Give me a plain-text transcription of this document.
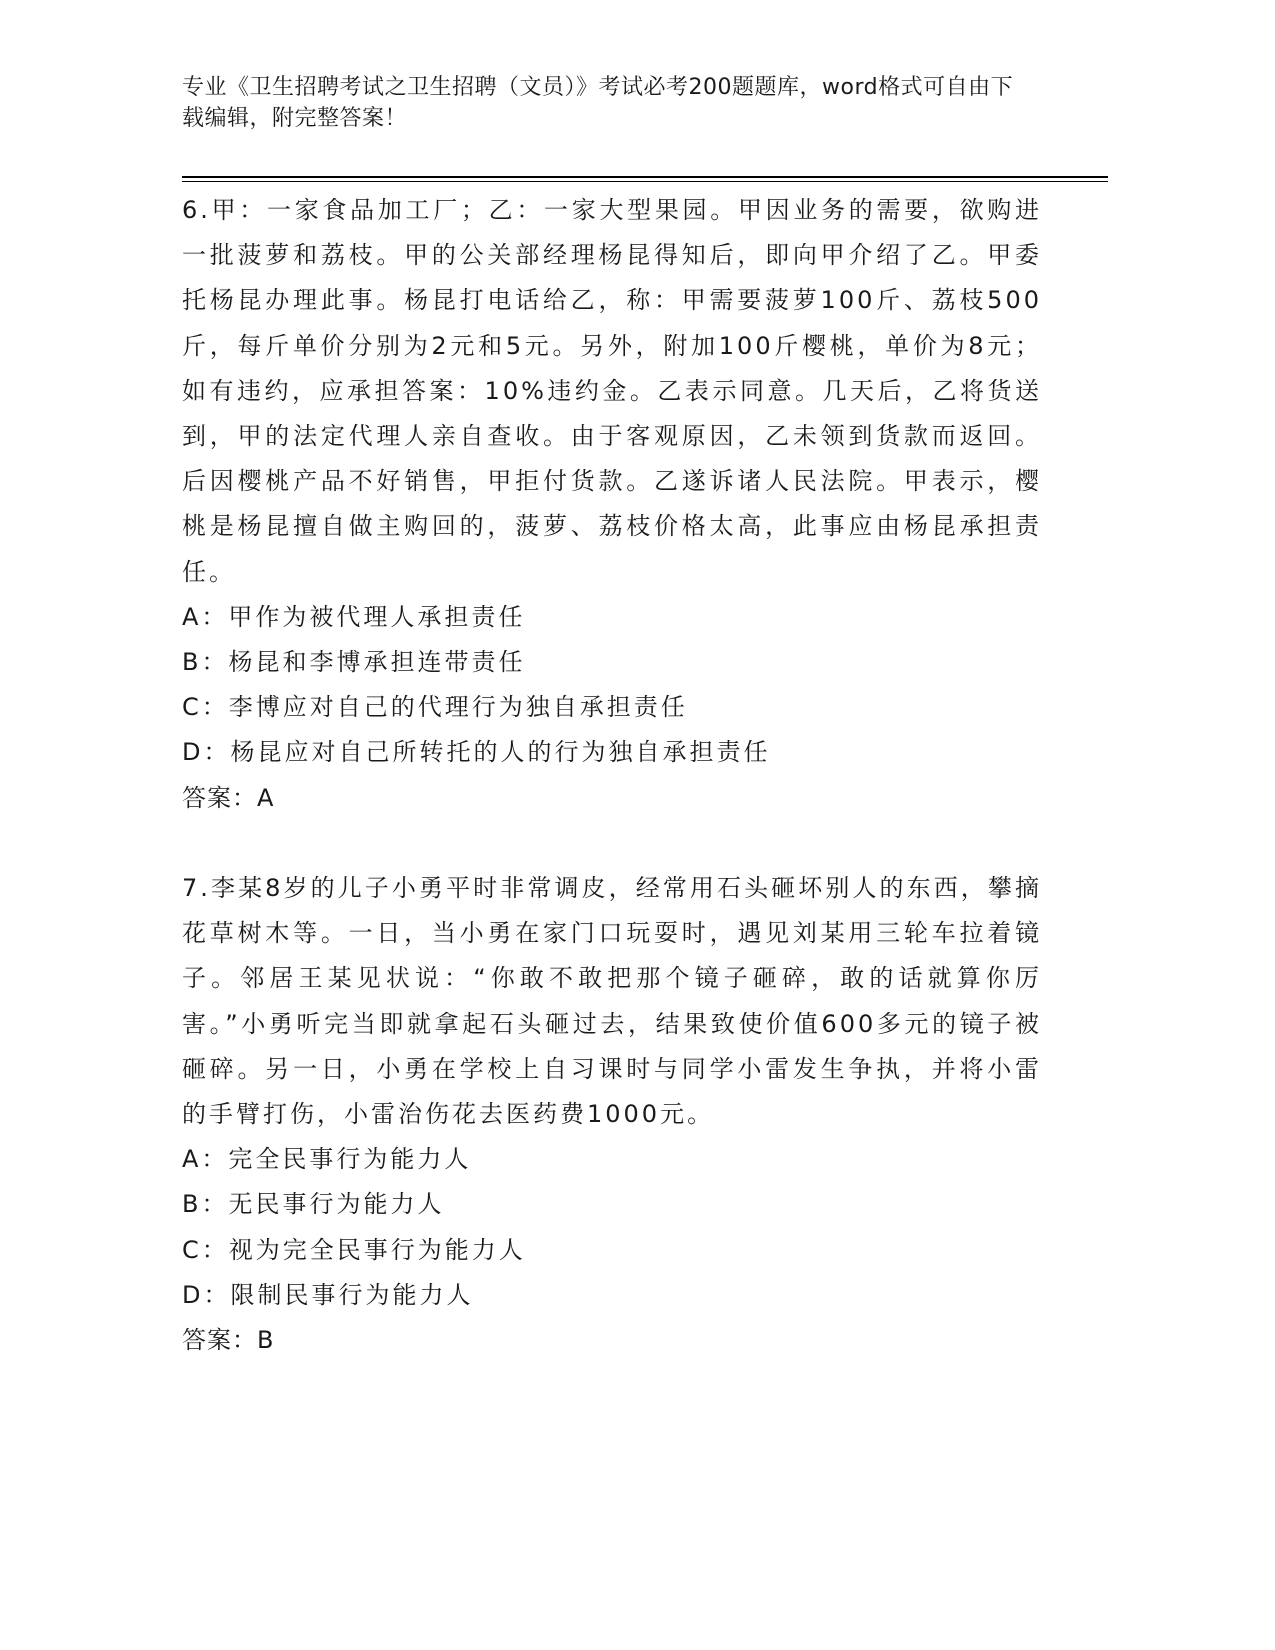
专业《卫生招聘考试之卫生招聘（文员）》考试必考200题题库，word格式可自由下载编辑，附完整答案！
6.甲：一家食品加工厂；乙：一家大型果园。甲因业务的需要，欲购进一批菠萝和荔枝。甲的公关部经理杨昆得知后，即向甲介绍了乙。甲委托杨昆办理此事。杨昆打电话给乙，称：甲需要菠萝100斤、荔枝500斤，每斤单价分别为2元和5元。另外，附加100斤樱桃，单价为8元；如有违约，应承担答案：10%违约金。乙表示同意。几天后，乙将货送到，甲的法定代理人亲自查收。由于客观原因，乙未领到货款而返回。后因樱桃产品不好销售，甲拒付货款。乙遂诉诸人民法院。甲表示，樱桃是杨昆擅自做主购回的，菠萝、荔枝价格太高，此事应由杨昆承担责任。
A：甲作为被代理人承担责任
B：杨昆和李博承担连带责任
C：李博应对自己的代理行为独自承担责任
D：杨昆应对自己所转托的人的行为独自承担责任
答案：A
7.李某8岁的儿子小勇平时非常调皮，经常用石头砸坏别人的东西，攀摘花草树木等。一日，当小勇在家门口玩耍时，遇见刘某用三轮车拉着镜子。邻居王某见状说：“你敢不敢把那个镜子砸碎，敢的话就算你厉害。”小勇听完当即就拿起石头砸过去，结果致使价值600多元的镜子被砸碎。另一日，小勇在学校上自习课时与同学小雷发生争执，并将小雷的手臂打伤，小雷治伤花去医药费1000元。
A：完全民事行为能力人
B：无民事行为能力人
C：视为完全民事行为能力人
D：限制民事行为能力人
答案：B
